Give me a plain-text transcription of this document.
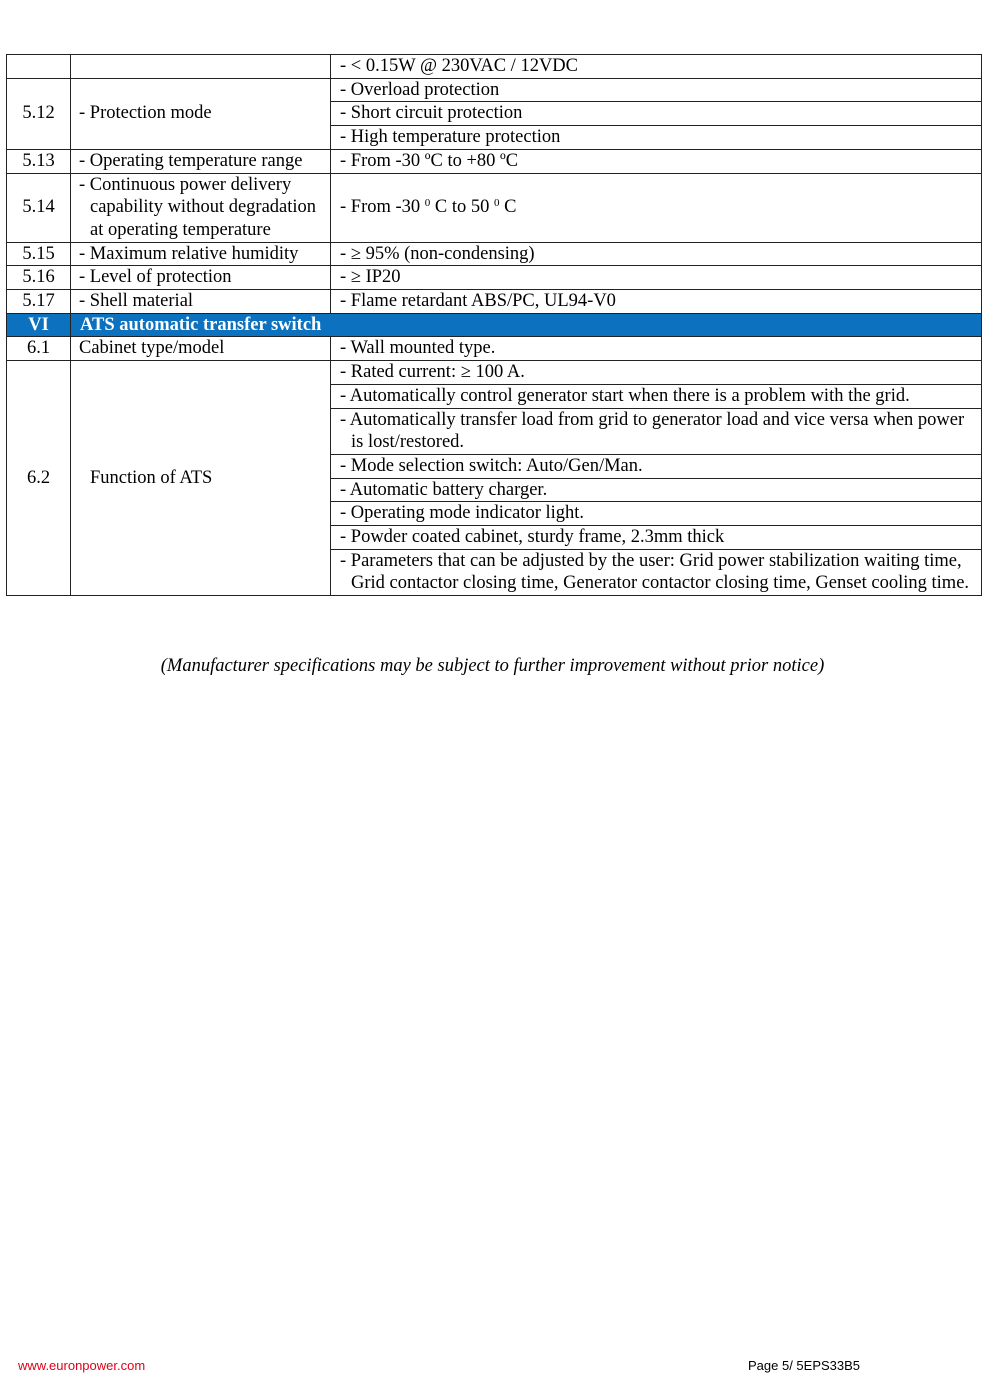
		- < 0.15W @ 230VAC / 12VDC

5.12	- Protection mode	- Overload protection

		- Short circuit protection

		- High temperature protection

5.13	- Operating temperature range	- From -30 ºC to +80 ºC

5.14	- Continuous power delivery capability without degradation at operating temperature	- From -30 $^0$ C to 50 $^0$ C

5.15	- Maximum relative humidity	- ≥ 95% (non-condensing)

5.16	- Level of protection	- ≥ IP20

5.17	- Shell material	- Flame retardant ABS/PC, UL94-V0

VI	ATS automatic transfer switch	
6.1	Cabinet type/model	- Wall mounted type.

6.2	Function of ATS	- Rated current: ≥ 100 A.

		- Automatically control generator start when there is a problem with the grid.

		- Automatically transfer load from grid to generator load and vice versa when power is lost/restored.

		- Mode selection switch: Auto/Gen/Man.

		- Automatic battery charger.

		- Operating mode indicator light.

		- Powder coated cabinet, sturdy frame, 2.3mm thick

		- Parameters that can be adjusted by the user: Grid power stabilization waiting time, Grid contactor closing time, Generator contactor closing time, Genset cooling time.
(Manufacturer specifications may be subject to further improvement without prior notice)
www.euronpower.com	Page 5/ 5EPS33B5
